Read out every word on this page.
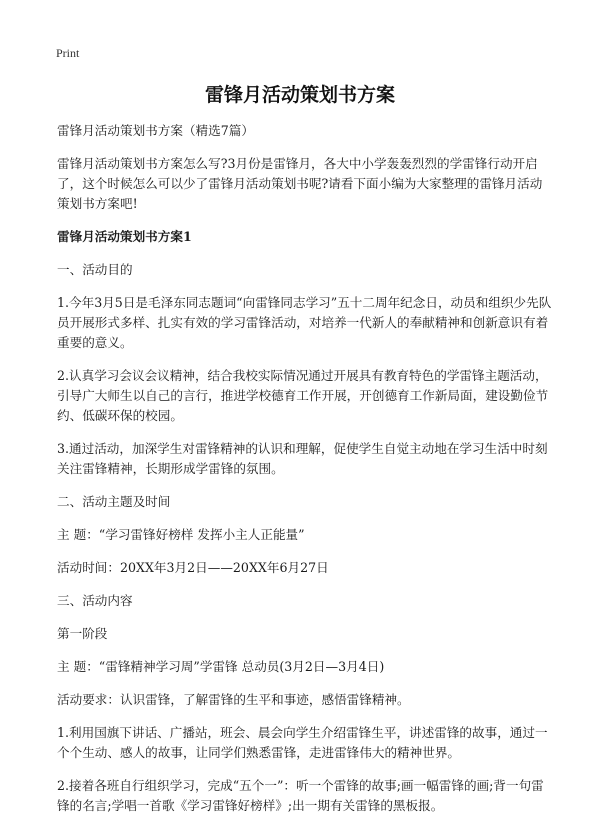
Print
雷锋月活动策划书方案

雷锋月活动策划书方案（精选7篇）

雷锋月活动策划书方案怎么写?3月份是雷锋月，各大中小学轰轰烈烈的学雷锋行动开启了，这个时候怎么可以少了雷锋月活动策划书呢?请看下面小编为大家整理的雷锋月活动策划书方案吧!

雷锋月活动策划书方案1

一、活动目的

1.今年3月5日是毛泽东同志题词“向雷锋同志学习”五十二周年纪念日，动员和组织少先队员开展形式多样、扎实有效的学习雷锋活动，对培养一代新人的奉献精神和创新意识有着重要的意义。

2.认真学习会议会议精神，结合我校实际情况通过开展具有教育特色的学雷锋主题活动，引导广大师生以自己的言行，推进学校德育工作开展，开创德育工作新局面，建设勤俭节约、低碳环保的校园。

3.通过活动，加深学生对雷锋精神的认识和理解，促使学生自觉主动地在学习生活中时刻关注雷锋精神，长期形成学雷锋的氛围。

二、活动主题及时间

主 题：“学习雷锋好榜样 发挥小主人正能量”

活动时间：20XX年3月2日——20XX年6月27日

三、活动内容

第一阶段

主 题：“雷锋精神学习周”学雷锋 总动员(3月2日—3月4日)

活动要求：认识雷锋，了解雷锋的生平和事迹，感悟雷锋精神。

1.利用国旗下讲话、广播站，班会、晨会向学生介绍雷锋生平，讲述雷锋的故事，通过一个个生动、感人的故事，让同学们熟悉雷锋，走进雷锋伟大的精神世界。

2.接着各班自行组织学习，完成“五个一”：听一个雷锋的故事;画一幅雷锋的画;背一句雷锋的名言;学唱一首歌《学习雷锋好榜样》;出一期有关雷锋的黑板报。
